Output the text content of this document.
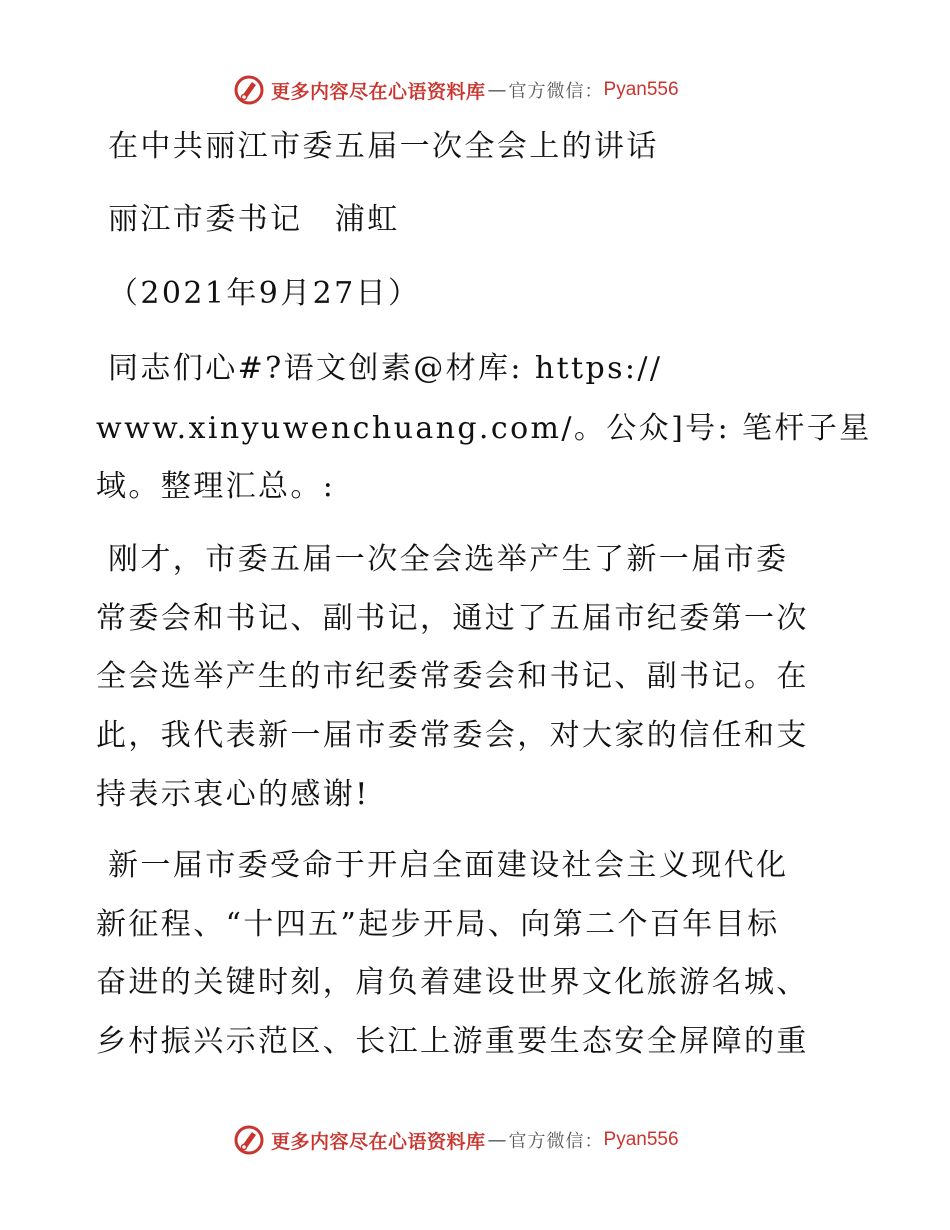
更多内容尽在心语资料库 — 官方微信： Pyan556
在中共丽江市委五届一次全会上的讲话
丽江市委书记　浦虹
（2021年9月27日）
同志们心#?语文创素@材库: https://
www.xinyuwenchuang.com/。公众]号: 笔杆子星
域。整理汇总。:
刚才，市委五届一次全会选举产生了新一届市委
常委会和书记、副书记，通过了五届市纪委第一次
全会选举产生的市纪委常委会和书记、副书记。在
此，我代表新一届市委常委会，对大家的信任和支
持表示衷心的感谢!
新一届市委受命于开启全面建设社会主义现代化
新征程、“十四五”起步开局、向第二个百年目标
奋进的关键时刻，肩负着建设世界文化旅游名城、
乡村振兴示范区、长江上游重要生态安全屏障的重
更多内容尽在心语资料库 — 官方微信： Pyan556
